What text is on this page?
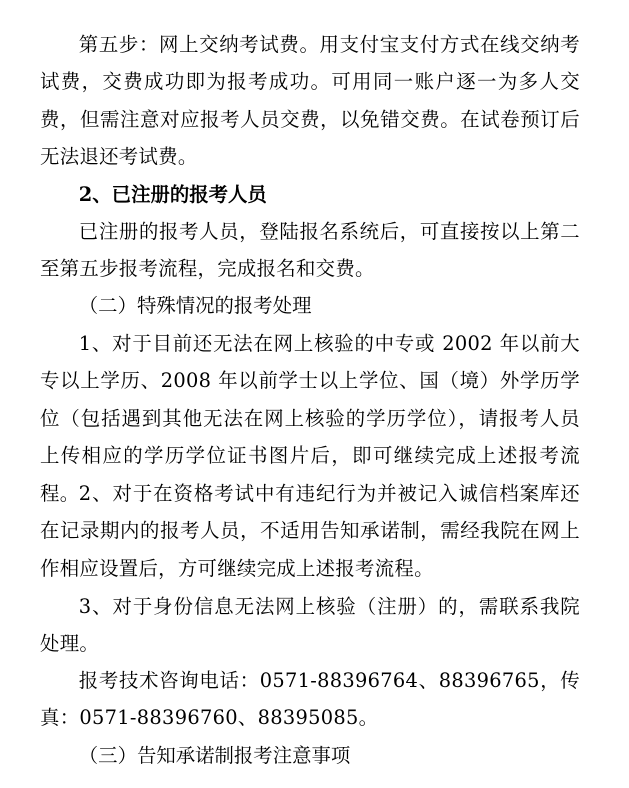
第五步：网上交纳考试费。用支付宝支付方式在线交纳考试费，交费成功即为报考成功。可用同一账户逐一为多人交费，但需注意对应报考人员交费，以免错交费。在试卷预订后无法退还考试费。

2、已注册的报考人员

已注册的报考人员，登陆报名系统后，可直接按以上第二至第五步报考流程，完成报名和交费。

（二）特殊情况的报考处理

1、对于目前还无法在网上核验的中专或 2002 年以前大专以上学历、2008 年以前学士以上学位、国（境）外学历学位（包括遇到其他无法在网上核验的学历学位），请报考人员上传相应的学历学位证书图片后，即可继续完成上述报考流程。 2、对于在资格考试中有违纪行为并被记入诚信档案库还在记录期内的报考人员，不适用告知承诺制，需经我院在网上作相应设置后，方可继续完成上述报考流程。

3、对于身份信息无法网上核验（注册）的，需联系我院处理。

报考技术咨询电话：0571-88396764、88396765，传真：0571-88396760、88395085。

（三）告知承诺制报考注意事项
